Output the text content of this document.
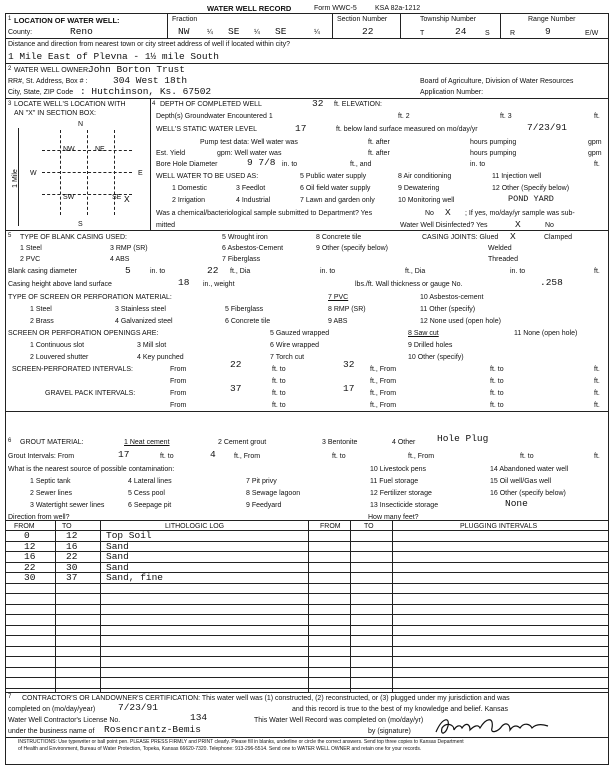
WATER WELL RECORD	Form WWC-5	KSA 82a-1212
1 LOCATION OF WATER WELL:
County:	Reno
Fraction
NW	¼ SE ¼ SE	¼
Section Number
22
Township Number
T	24	S
Range Number
R	9	E/W
Distance and direction from nearest town or city street address of well if located within city?
1 Mile East of Plevna - 1½ mile South
2 WATER WELL OWNER:
John Borton Trust
RR#, St. Address, Box # :	304 West 18th	Board of Agriculture, Division of Water Resources
City, State, ZIP Code : Hutchinson, Ks. 67502	Application Number:
3 LOCATE WELL'S LOCATION WITH
AN "X" IN SECTION BOX:
N
S
W	E
1 Mile
NW	NE
SW	SE X
4 DEPTH OF COMPLETED WELL	32 ft. ELEVATION:
Depth(s) Groundwater Encountered 1	ft. 2	ft. 3	ft.
WELL'S STATIC WATER LEVEL	17	ft. below land surface measured on mo/day/yr	7/23/91
Pump test data: Well water was	ft. after	hours pumping	gpm
Est. Yield	gpm: Well water was	ft. after	hours pumping	gpm
Bore Hole Diameter	9 7/8 in. to	ft., and	in. to	ft.
WELL WATER TO BE USED AS:	5 Public water supply	8 Air conditioning	11 Injection well
1 Domestic	3 Feedlot	6 Oil field water supply	9 Dewatering	12 Other (Specify below)
2 Irrigation	4 Industrial	7 Lawn and garden only	10 Monitoring well	POND YARD
Was a chemical/bacteriological sample submitted to Department? Yes	No X ; If yes, mo/day/yr sample was sub-
mitted	Water Well Disinfected? Yes	X	No
5 TYPE OF BLANK CASING USED:	5 Wrought iron	8 Concrete tile	CASING JOINTS: Glued X	Clamped
1 Steel	3 RMP (SR)	6 Asbestos-Cement	9 Other (specify below)	Welded
2 PVC	4 ABS	7 Fiberglass	Threaded
Blank casing diameter	5	in. to	22 ft., Dia	in. to	ft., Dia	in. to	ft.
Casing height above land surface	18 in., weight	lbs./ft. Wall thickness or gauge No.	.258
TYPE OF SCREEN OR PERFORATION MATERIAL:	7 PVC	10 Asbestos-cement
1 Steel	3 Stainless steel	5 Fiberglass	8 RMP (SR)	11 Other (specify)
2 Brass	4 Galvanized steel	6 Concrete tile	9 ABS	12 None used (open hole)
SCREEN OR PERFORATION OPENINGS ARE:	5 Gauzed wrapped	8 Saw cut	11 None (open hole)
1 Continuous slot	3 Mill slot	6 Wire wrapped	9 Drilled holes
2 Louvered shutter	4 Key punched	7 Torch cut	10 Other (specify)
SCREEN-PERFORATED INTERVALS:	From	22	ft. to	32 ft., From	ft. to	ft.
From	ft. to	ft., From	ft. to	ft.
GRAVEL PACK INTERVALS:	From	37	ft. to	17 ft., From	ft. to	ft.
From	ft. to	ft., From	ft. to	ft.
6 GROUT MATERIAL:	1 Neat cement	2 Cement grout	3 Bentonite	4 Other Hole Plug
Grout Intervals: From	17	ft. to	4	ft., From	ft. to	ft., From	ft. to	ft.
What is the nearest source of possible contamination:	10 Livestock pens	14 Abandoned water well
1 Septic tank	4 Lateral lines	7 Pit privy	11 Fuel storage	15 Oil well/Gas well
2 Sewer lines	5 Cess pool	8 Sewage lagoon	12 Fertilizer storage	16 Other (specify below)
3 Watertight sewer lines	6 Seepage pit	9 Feedyard	13 Insecticide storage	None
Direction from well?	How many feet?
FROM	TO	LITHOLOGIC LOG	FROM	TO	PLUGGING INTERVALS
0	12	Top Soil
12	16	Sand
16	22	Sand
22	30	Sand
30	37	Sand, fine
7 CONTRACTOR'S OR LANDOWNER'S CERTIFICATION: This water well was (1) constructed, (2) reconstructed, or (3) plugged under my jurisdiction and was
completed on (mo/day/year) 7/23/91	and this record is true to the best of my knowledge and belief. Kansas
Water Well Contractor's License No.	134	This Water Well Record was completed on (mo/day/yr)
under the business name of Rosencrantz-Bemis	by (signature)
INSTRUCTIONS: Use typewriter or ball point pen. PLEASE PRESS FIRMLY and PRINT clearly. Please fill in blanks, underline or circle the correct answers. Send top three copies to Kansas Department
of Health and Environment, Bureau of Water Protection, Topeka, Kansas 66620-7320. Telephone: 913-296-5514. Send one to WATER WELL OWNER and retain one for your records.
